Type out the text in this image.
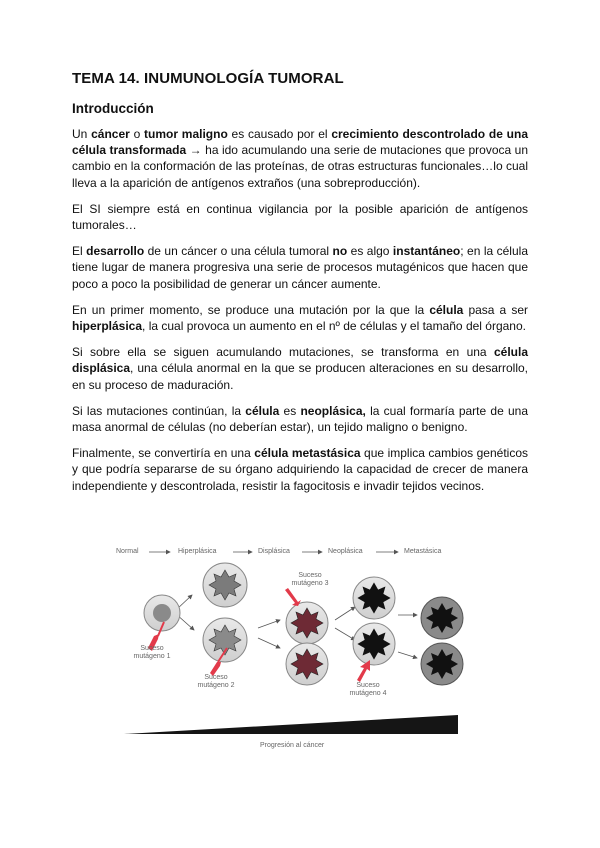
TEMA 14. INUMUNOLOGÍA TUMORAL
Introducción

Un cáncer o tumor maligno es causado por el crecimiento descontrolado de una célula transformada → ha ido acumulando una serie de mutaciones que provoca un cambio en la conformación de las proteínas, de otras estructuras funcionales…lo cual lleva a la aparición de antígenos extraños (una sobreproducción).

El SI siempre está en continua vigilancia por la posible aparición de antígenos tumorales…

El desarrollo de un cáncer o una célula tumoral no es algo instantáneo; en la célula tiene lugar de manera progresiva una serie de procesos mutagénicos que hacen que poco a poco la posibilidad de generar un cáncer aumente.

En un primer momento, se produce una mutación por la que la célula pasa a ser hiperplásica, la cual provoca un aumento en el nº de células y el tamaño del órgano.

Si sobre ella se siguen acumulando mutaciones, se transforma en una célula displásica, una célula anormal en la que se producen alteraciones en su desarrollo, en su proceso de maduración.

Si las mutaciones continúan, la célula es neoplásica, la cual formaría parte de una masa anormal de células (no deberían estar), un tejido maligno o benigno.

Finalmente, se convertiría en una célula metastásica que implica cambios genéticos y que podría separarse de su órgano adquiriendo la capacidad de crecer de manera independiente y descontrolada, resistir la fagocitosis e invadir tejidos vecinos.

Normal	Hiperplásica	Displásica	Neoplásica	Metastásica
Suceso
mutágeno 1
Suceso
mutágeno 2
Suceso
mutágeno 3
Suceso
mutágeno 4
Progresión al cáncer
